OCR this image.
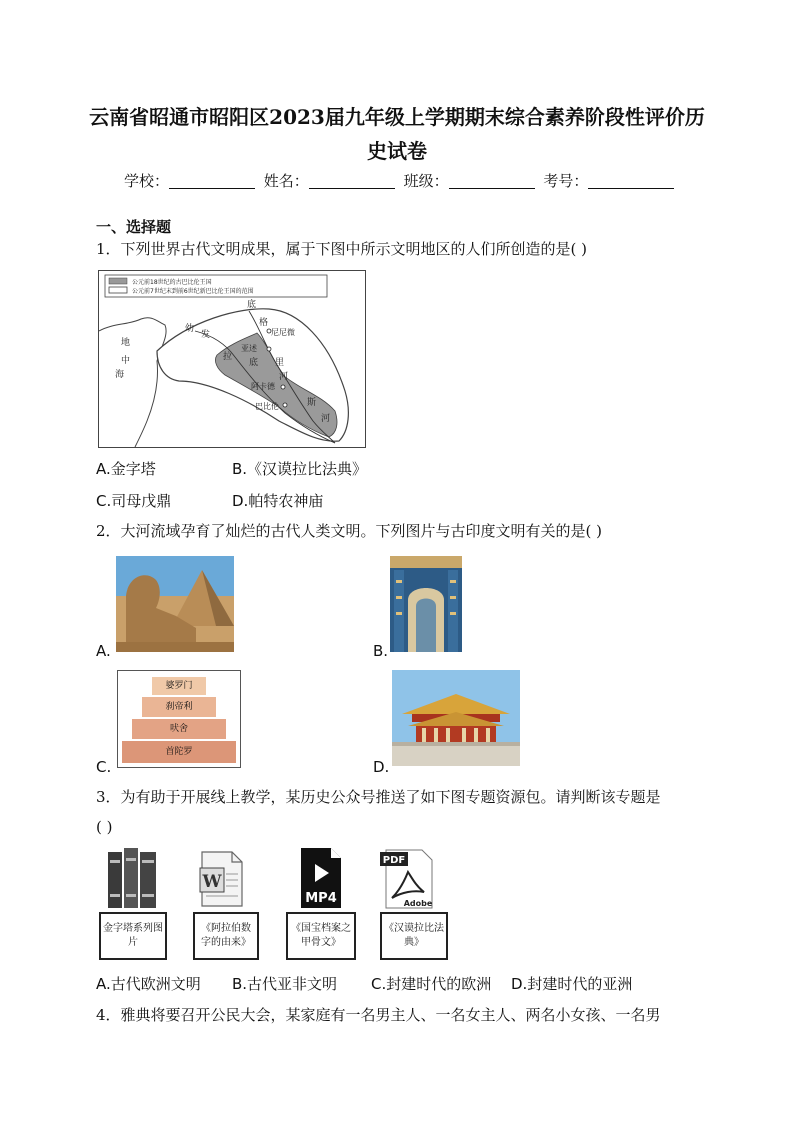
云南省昭通市昭阳区2023届九年级上学期期末综合素养阶段性评价历
史试卷
学校：	姓名：	班级：	考号：
一、选择题
1．下列世界古代文明成果，属于下图中所示文明地区的人们所创造的是( )
公元前18世纪的古巴比伦王国
公元前7世纪末到前6世纪新巴比伦王国的范围
地
中
海
幼
发
拉
底
格
尼尼微
亚述
底 里
河
阿卡德
巴比伦	斯
河
A.金字塔	B.《汉谟拉比法典》
C.司母戊鼎	D.帕特农神庙
2．大河流域孕育了灿烂的古代人类文明。下列图片与古印度文明有关的是( )
A.	B.
C.
婆罗门
刹帝利
吠舍
首陀罗
D.
3．为有助于开展线上教学，某历史公众号推送了如下图专题资源包。请判断该专题是
( )
W
MP4
PDF
Adobe
金字塔系列图片
《阿拉伯数字的由来》
《国宝档案之甲骨文》
《汉谟拉比法典》
A.古代欧洲文明 B.古代亚非文明 C.封建时代的欧洲 D.封建时代的亚洲
4．雅典将要召开公民大会，某家庭有一名男主人、一名女主人、两名小女孩、一名男
